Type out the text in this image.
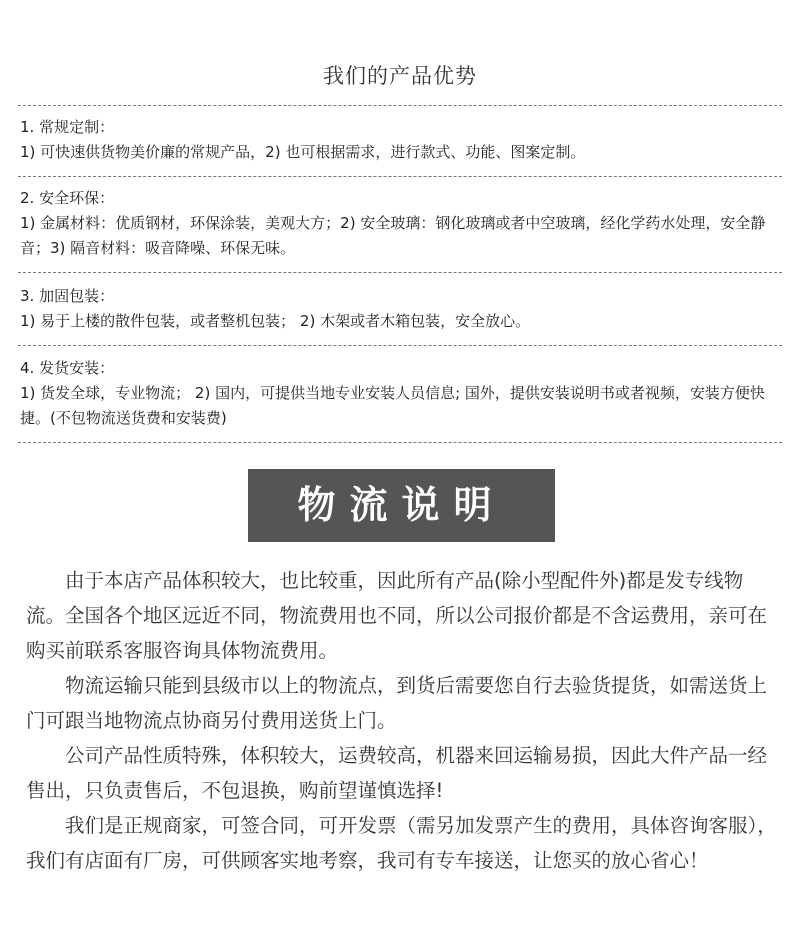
我们的产品优势
1. 常规定制：
1) 可快速供货物美价廉的常规产品，2) 也可根据需求，进行款式、功能、图案定制。
2. 安全环保：
1) 金属材料：优质钢材，环保涂装，美观大方；2) 安全玻璃：钢化玻璃或者中空玻璃，经化学药水处理，安全静音；3) 隔音材料：吸音降噪、环保无味。
3. 加固包装：
1) 易于上楼的散件包装，或者整机包装； 2) 木架或者木箱包装，安全放心。
4. 发货安装：
1) 货发全球，专业物流； 2) 国内，可提供当地专业安装人员信息; 国外，提供安装说明书或者视频，安装方便快捷。(不包物流送货费和安装费)
物流说明

由于本店产品体积较大，也比较重，因此所有产品(除小型配件外)都是发专线物流。全国各个地区远近不同，物流费用也不同，所以公司报价都是不含运费用，亲可在购买前联系客服咨询具体物流费用。

物流运输只能到县级市以上的物流点，到货后需要您自行去验货提货，如需送货上门可跟当地物流点协商另付费用送货上门。

公司产品性质特殊，体积较大，运费较高，机器来回运输易损，因此大件产品一经售出，只负责售后，不包退换，购前望谨慎选择!

我们是正规商家，可签合同，可开发票（需另加发票产生的费用，具体咨询客服），我们有店面有厂房，可供顾客实地考察，我司有专车接送，让您买的放心省心！
